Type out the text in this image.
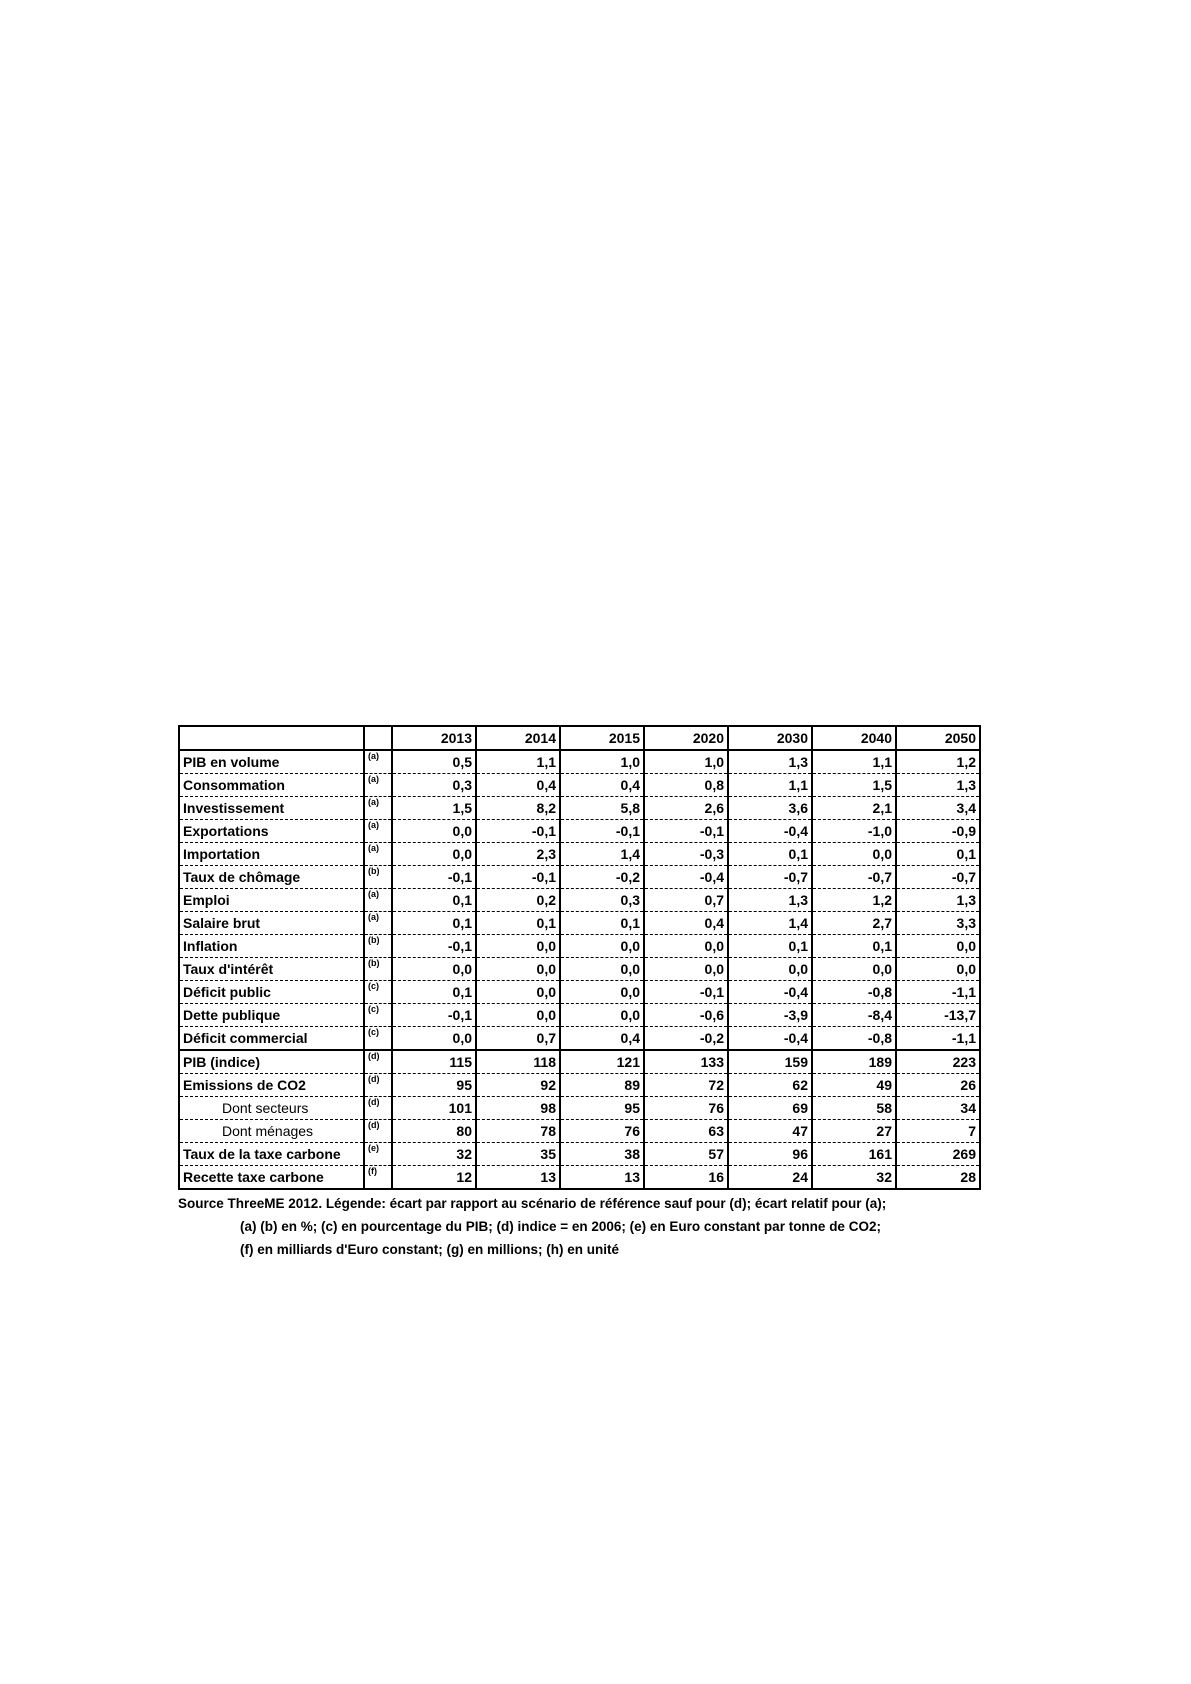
		2013	2014	2015	2020	2030	2040	2050
PIB en volume	(a)	0,5	1,1	1,0	1,0	1,3	1,1	1,2
Consommation	(a)	0,3	0,4	0,4	0,8	1,1	1,5	1,3
Investissement	(a)	1,5	8,2	5,8	2,6	3,6	2,1	3,4
Exportations	(a)	0,0	-0,1	-0,1	-0,1	-0,4	-1,0	-0,9
Importation	(a)	0,0	2,3	1,4	-0,3	0,1	0,0	0,1
Taux de chômage	(b)	-0,1	-0,1	-0,2	-0,4	-0,7	-0,7	-0,7
Emploi	(a)	0,1	0,2	0,3	0,7	1,3	1,2	1,3
Salaire brut	(a)	0,1	0,1	0,1	0,4	1,4	2,7	3,3
Inflation	(b)	-0,1	0,0	0,0	0,0	0,1	0,1	0,0
Taux d'intérêt	(b)	0,0	0,0	0,0	0,0	0,0	0,0	0,0
Déficit public	(c)	0,1	0,0	0,0	-0,1	-0,4	-0,8	-1,1
Dette publique	(c)	-0,1	0,0	0,0	-0,6	-3,9	-8,4	-13,7
Déficit commercial	(c)	0,0	0,7	0,4	-0,2	-0,4	-0,8	-1,1
PIB (indice)	(d)	115	118	121	133	159	189	223
Emissions de CO2	(d)	95	92	89	72	62	49	26
Dont secteurs	(d)	101	98	95	76	69	58	34
Dont ménages	(d)	80	78	76	63	47	27	7
Taux de la taxe carbone	(e)	32	35	38	57	96	161	269
Recette taxe carbone	(f)	12	13	13	16	24	32	28
Source ThreeME 2012. Légende: écart par rapport au scénario de référence sauf pour (d); écart relatif pour (a);
(a) (b) en %; (c) en pourcentage du PIB; (d) indice = en 2006; (e) en Euro constant par tonne de CO2;
(f) en milliards d'Euro constant; (g) en millions; (h) en unité
